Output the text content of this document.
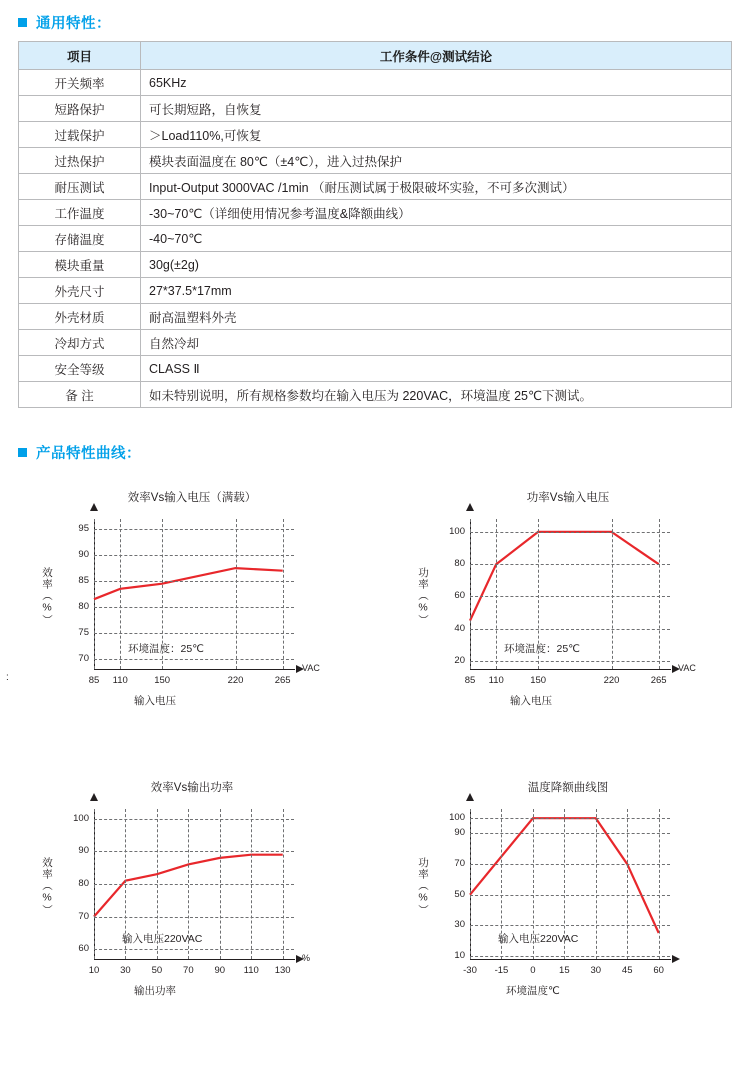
通用特性：
项目	工作条件@测试结论
开关频率	65KHz
短路保护	可长期短路，自恢复
过载保护	＞Load110%,可恢复
过热保护	模块表面温度在 80℃（±4℃），进入过热保护
耐压测试	Input-Output 3000VAC /1min （耐压测试属于极限破坏实验，不可多次测试）
工作温度	-30~70℃（详细使用情况参考温度&降额曲线）
存储温度	-40~70℃
模块重量	30g(±2g)
外壳尺寸	27*37.5*17mm
外壳材质	耐高温塑料外壳
冷却方式	自然冷却
安全等级	CLASS Ⅱ
备 注	如未特别说明，所有规格参数均在输入电压为 220VAC，环境温度 25℃下测试。
产品特性曲线：
:
效率Vs输入电压（满载）
效率（%）
输入电压
VAC
环境温度：25℃
85	110	150	220	265
70
75
80
85
90
95
功率Vs输入电压
功率（%）
输入电压
VAC
环境温度：25℃
85	110	150	220	265
20
40
60
80
100
效率Vs输出功率
效率（%）
输出功率
%
输入电压220VAC
10	30	50	70	90	110 130
60
70
80
90
100
温度降额曲线图
功率（%）
环境温度℃
输入电压220VAC
-30	-15	0	15	30	45	60
10
30
50
70
90
100
